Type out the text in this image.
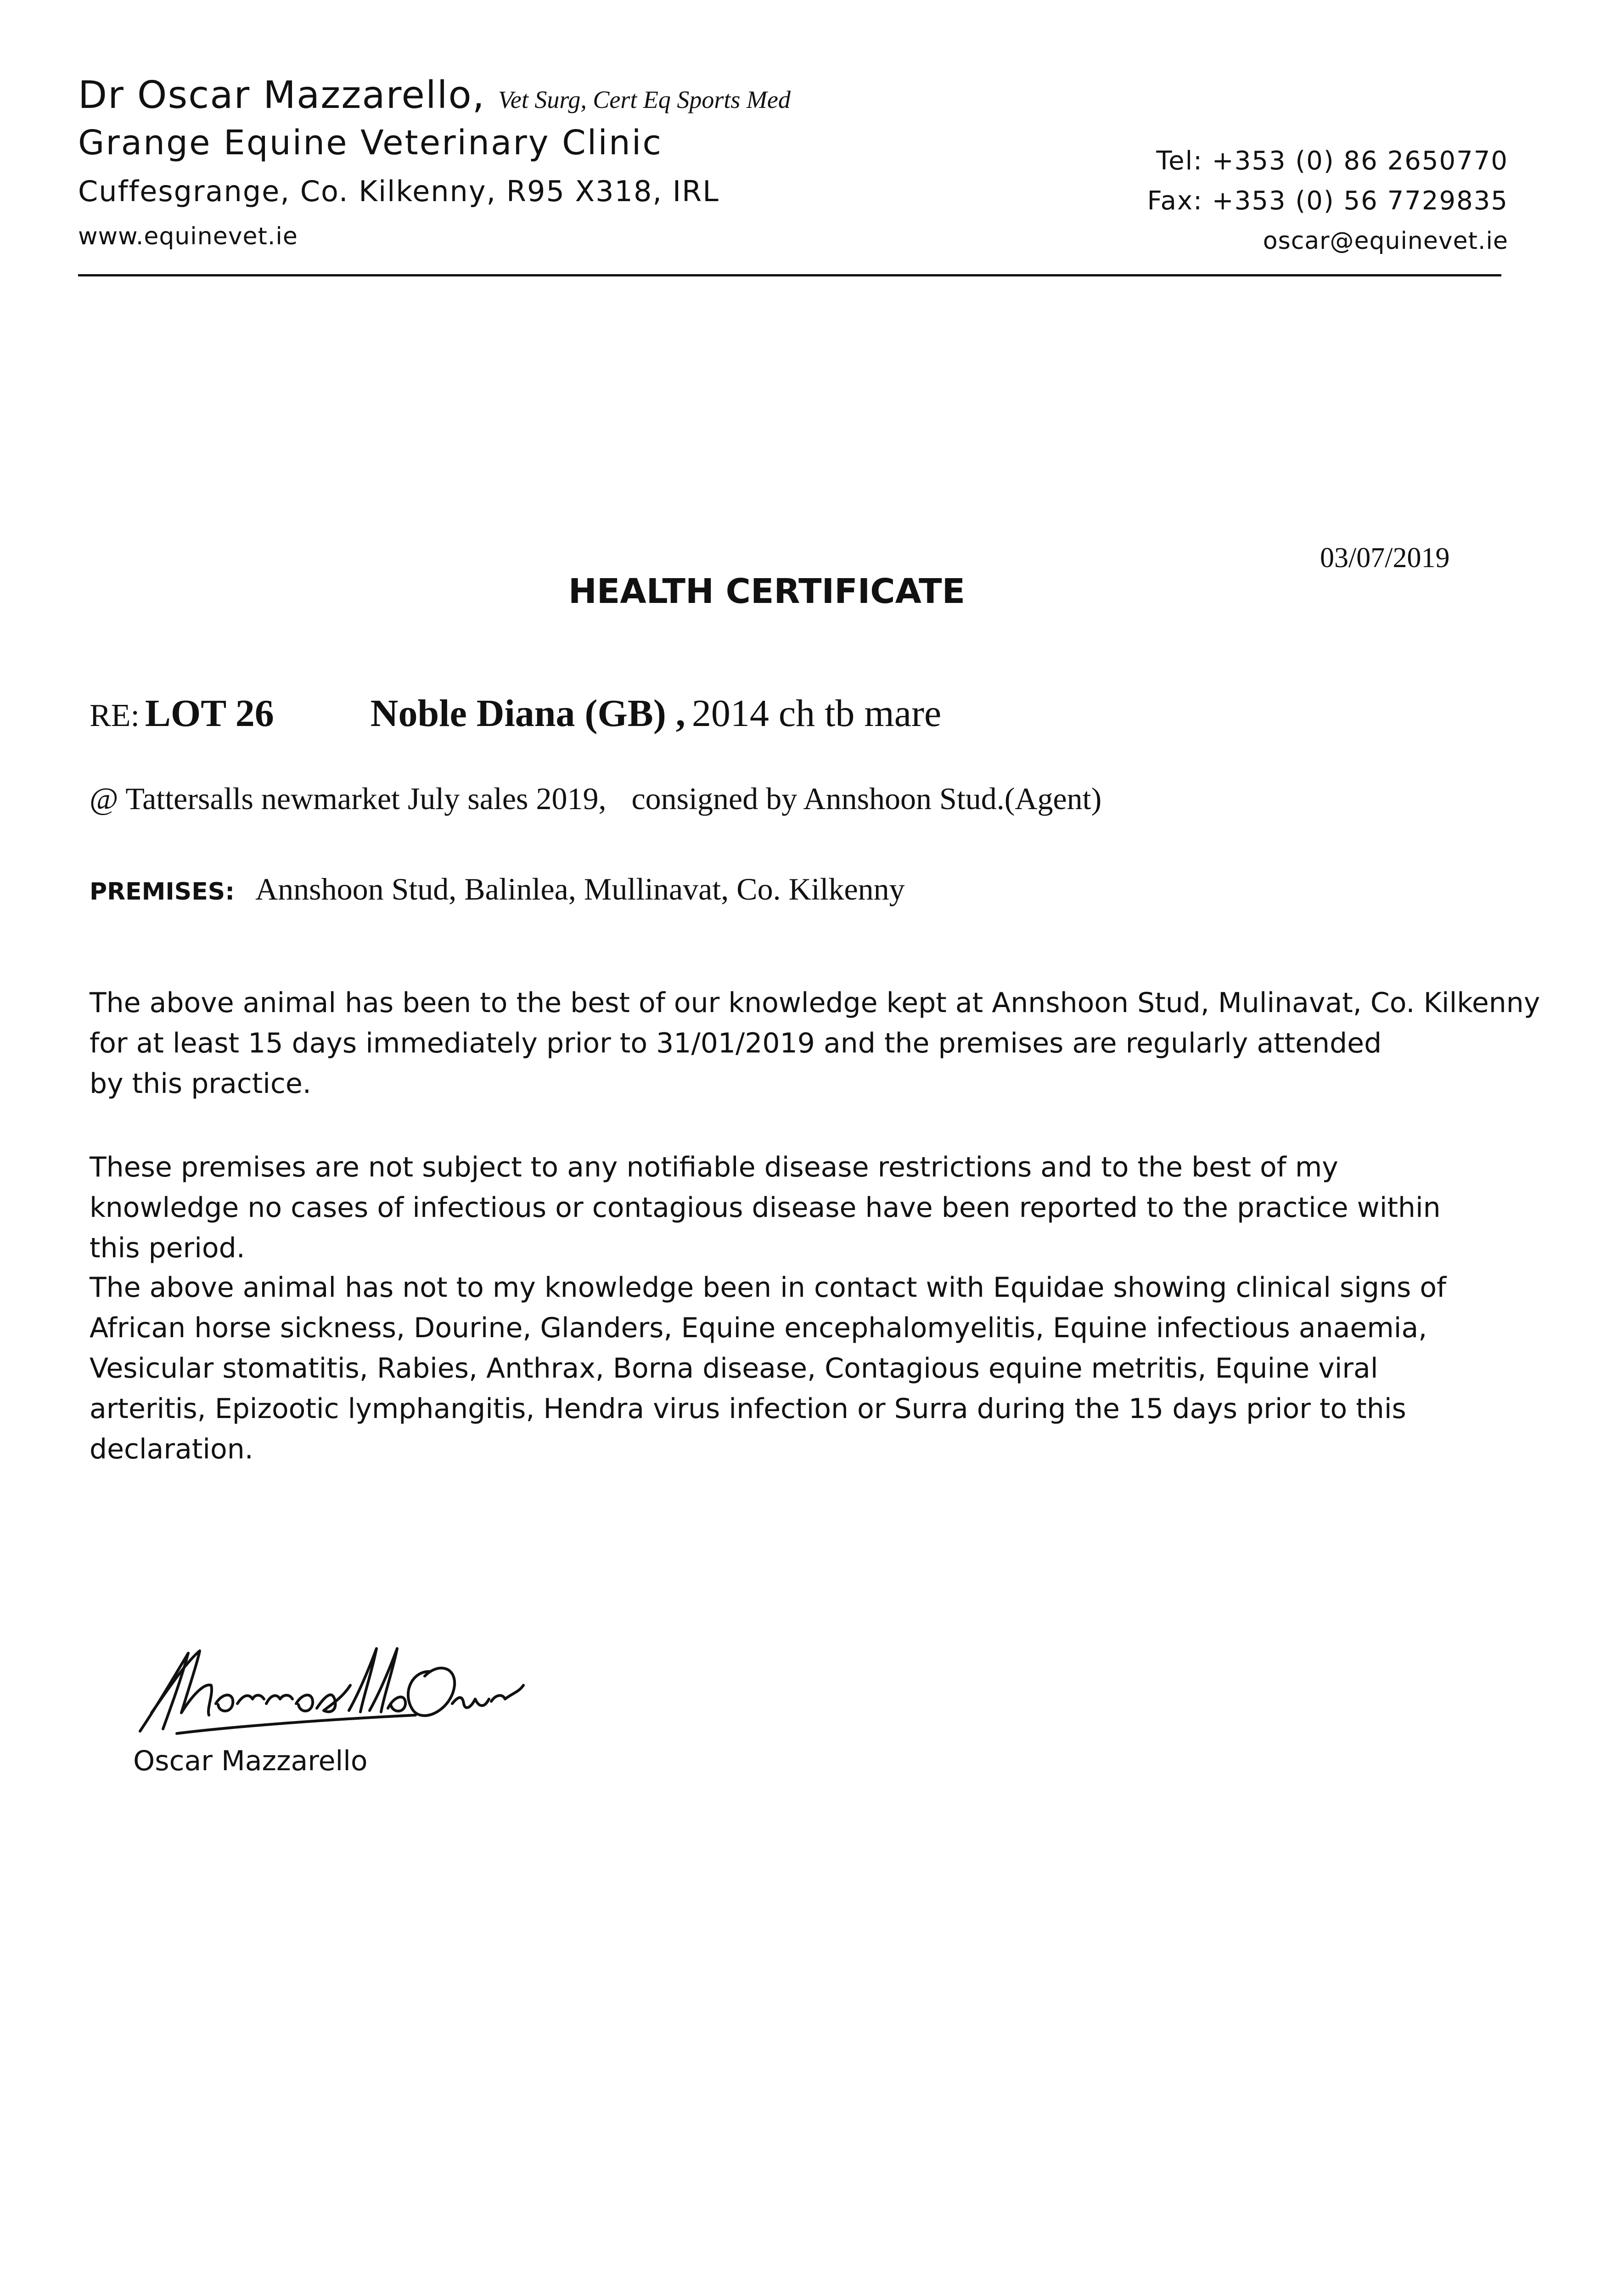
Dr Oscar Mazzarello, Vet Surg, Cert Eq Sports Med
Grange Equine Veterinary Clinic
Cuffesgrange, Co. Kilkenny, R95 X318, IRL
www.equinevet.ie
Tel: +353 (0) 86 2650770
Fax: +353 (0) 56 7729835
oscar@equinevet.ie
03/07/2019
HEALTH CERTIFICATE
RE: LOT 26	Noble Diana (GB) , 2014 ch tb mare
@ Tattersalls newmarket July sales 2019, consigned by Annshoon Stud.(Agent)
PREMISES: Annshoon Stud, Balinlea, Mullinavat, Co. Kilkenny
The above animal has been to the best of our knowledge kept at Annshoon Stud, Mulinavat, Co. Kilkenny
for at least 15 days immediately prior to 31/01/2019 and the premises are regularly attended
by this practice.
These premises are not subject to any notifiable disease restrictions and to the best of my
knowledge no cases of infectious or contagious disease have been reported to the practice within
this period.
The above animal has not to my knowledge been in contact with Equidae showing clinical signs of
African horse sickness, Dourine, Glanders, Equine encephalomyelitis, Equine infectious anaemia,
Vesicular stomatitis, Rabies, Anthrax, Borna disease, Contagious equine metritis, Equine viral
arteritis, Epizootic lymphangitis, Hendra virus infection or Surra during the 15 days prior to this
declaration.
Oscar Mazzarello
